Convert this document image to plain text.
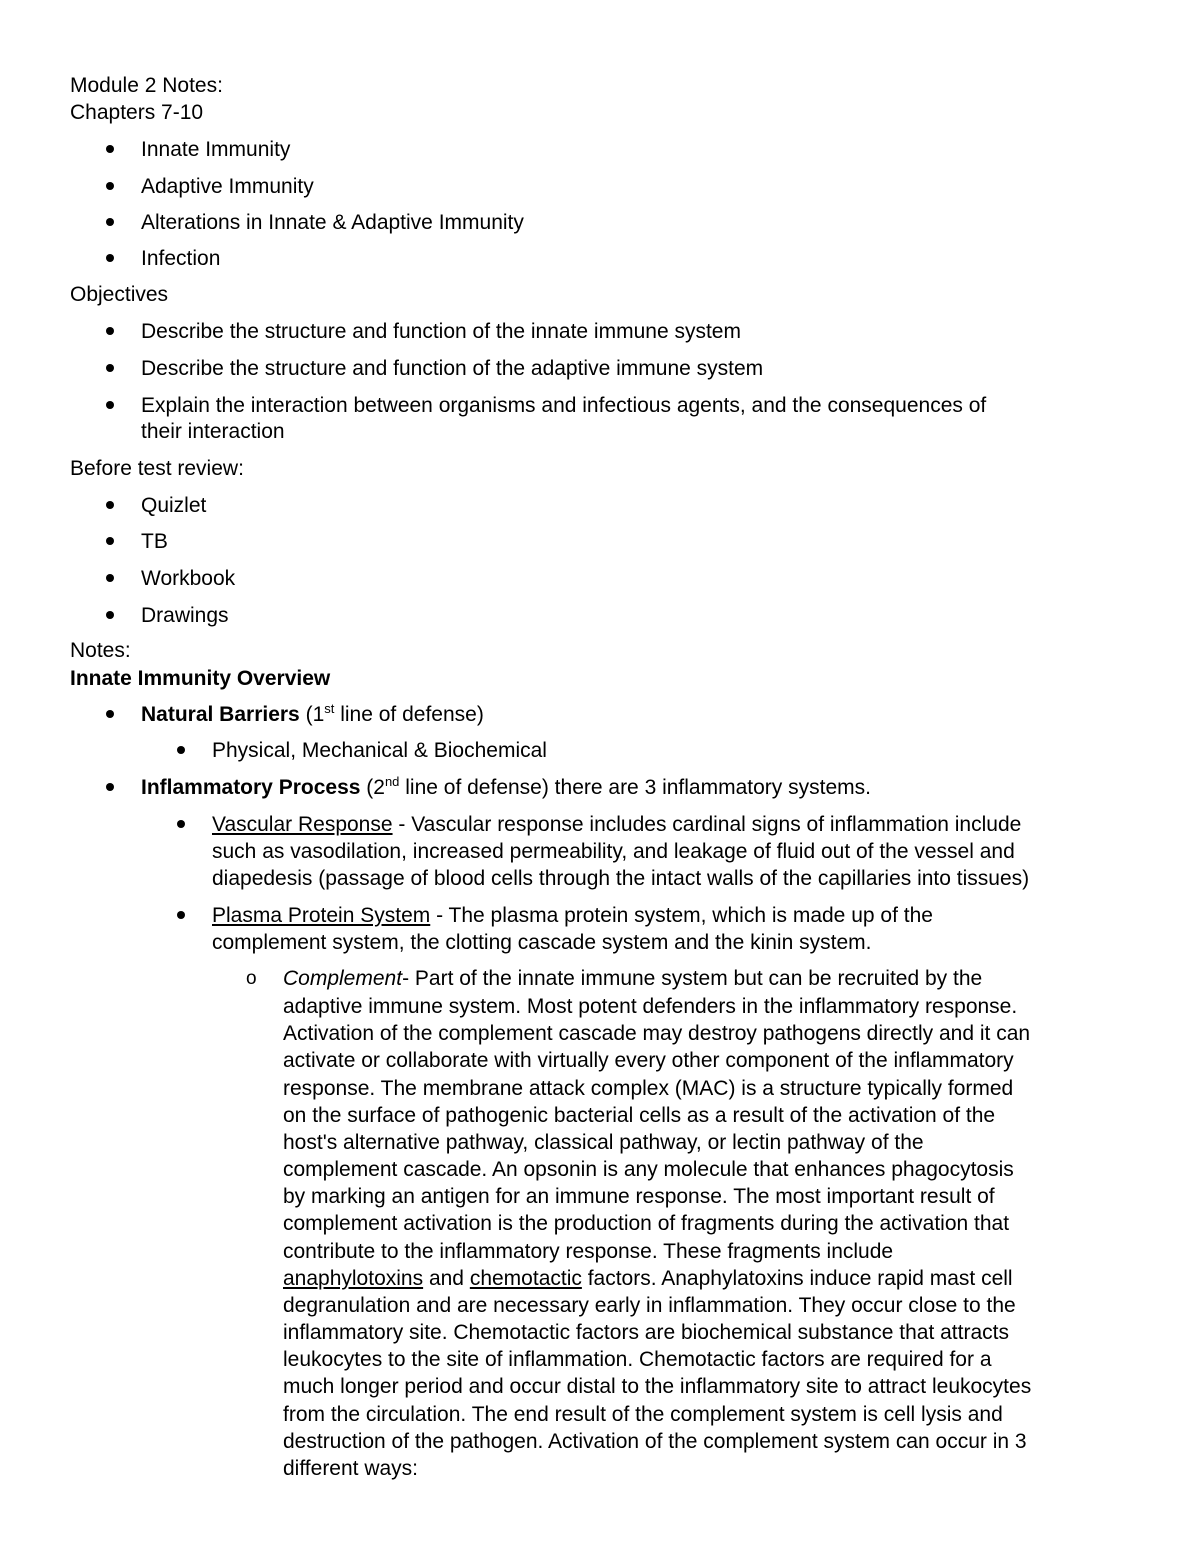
Module 2 Notes:
Chapters 7-10
Innate Immunity
Adaptive Immunity
Alterations in Innate & Adaptive Immunity
Infection
Objectives
Describe the structure and function of the innate immune system
Describe the structure and function of the adaptive immune system
Explain the interaction between organisms and infectious agents, and the consequences of
their interaction
Before test review:
Quizlet
TB
Workbook
Drawings
Notes:
Innate Immunity Overview
Natural Barriers (1st line of defense)
Physical, Mechanical & Biochemical
Inflammatory Process (2nd line of defense) there are 3 inflammatory systems.
Vascular Response - Vascular response includes cardinal signs of inflammation include
such as vasodilation, increased permeability, and leakage of fluid out of the vessel and
diapedesis (passage of blood cells through the intact walls of the capillaries into tissues)
Plasma Protein System - The plasma protein system, which is made up of the
complement system, the clotting cascade system and the kinin system.
o Complement- Part of the innate immune system but can be recruited by the
adaptive immune system. Most potent defenders in the inflammatory response.
Activation of the complement cascade may destroy pathogens directly and it can
activate or collaborate with virtually every other component of the inflammatory
response. The membrane attack complex (MAC) is a structure typically formed
on the surface of pathogenic bacterial cells as a result of the activation of the
host's alternative pathway, classical pathway, or lectin pathway of the
complement cascade. An opsonin is any molecule that enhances phagocytosis
by marking an antigen for an immune response. The most important result of
complement activation is the production of fragments during the activation that
contribute to the inflammatory response. These fragments include
anaphylotoxins and chemotactic factors. Anaphylatoxins induce rapid mast cell
degranulation and are necessary early in inflammation. They occur close to the
inflammatory site. Chemotactic factors are biochemical substance that attracts
leukocytes to the site of inflammation. Chemotactic factors are required for a
much longer period and occur distal to the inflammatory site to attract leukocytes
from the circulation. The end result of the complement system is cell lysis and
destruction of the pathogen. Activation of the complement system can occur in 3
different ways:
